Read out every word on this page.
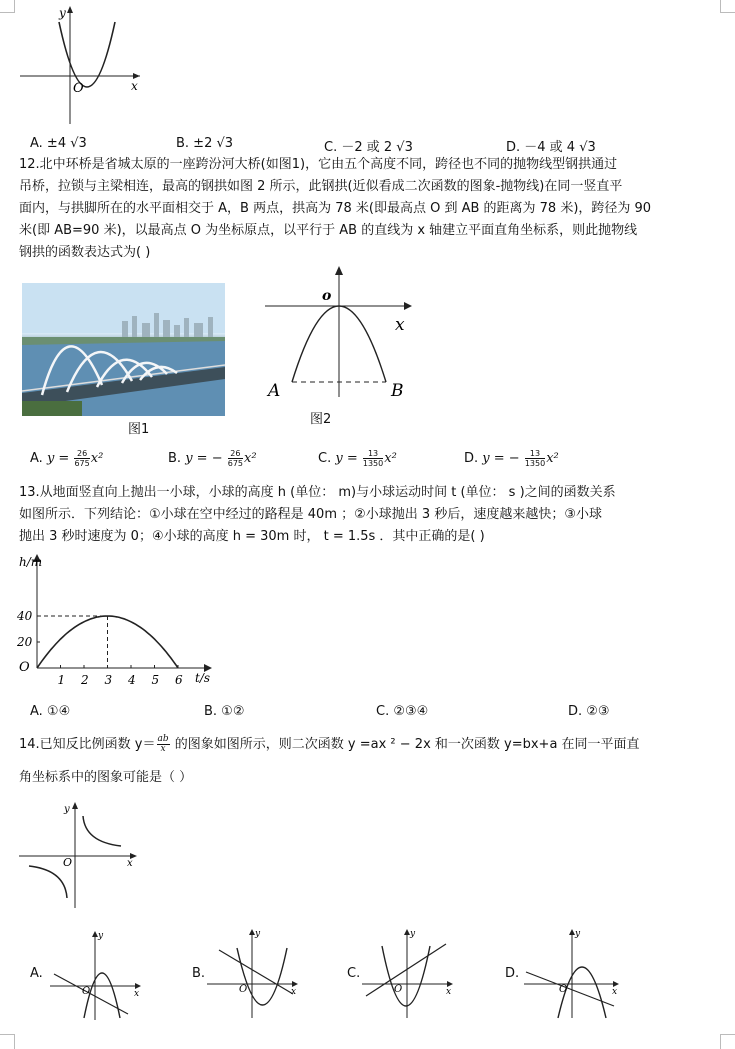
y
x
O
A. ±4 √3	B. ±2 √3	C. －2 或 2 √3	D. －4 或 4 √3
12.北中环桥是省城太原的一座跨汾河大桥(如图1)，它由五个高度不同，跨径也不同的抛物线型钢拱通过
吊桥，拉锁与主梁相连，最高的钢拱如图 2 所示，此钢拱(近似看成二次函数的图象-抛物线)在同一竖直平
面内，与拱脚所在的水平面相交于 A，B 两点，拱高为 78 米(即最高点 O 到 AB 的距离为 78 米)，跨径为 90
米(即 AB=90 米)，以最高点 O 为坐标原点，以平行于 AB 的直线为 x 轴建立平面直角坐标系，则此抛物线
钢拱的函数表达式为( )
图1
o
x
A	B
图2
A. $y = \frac{26}{675} x^2$	B. y = − $\frac{26}{675} x^2$	C. $y = \frac{13}{1350} x^2$	D. y = − $\frac{13}{1350} x^2$
13.从地面竖直向上抛出一小球，小球的高度 h (单位： m)与小球运动时间 t (单位： s )之间的函数关系
如图所示．下列结论：①小球在空中经过的路程是 40m ；②小球抛出 3 秒后，速度越来越快；③小球
抛出 3 秒时速度为 0；④小球的高度 h = 30m 时， t = 1.5s ．其中正确的是( )
1 2 3 4 5 6
40
20
h/m
t/s
O
A. ①④	B. ①②	C. ②③④	D. ②③
14.已知反比例函数 $y= \frac{ab}{x}$ 的图象如图所示，则二次函数 y =ax ² − 2x 和一次函数 y=bx+a 在同一平面直
角坐标系中的图象可能是（ ）
y
x
O
A.
y
x
O
B.
y
x
O
C.
y
x
O
D.
y
x
O
